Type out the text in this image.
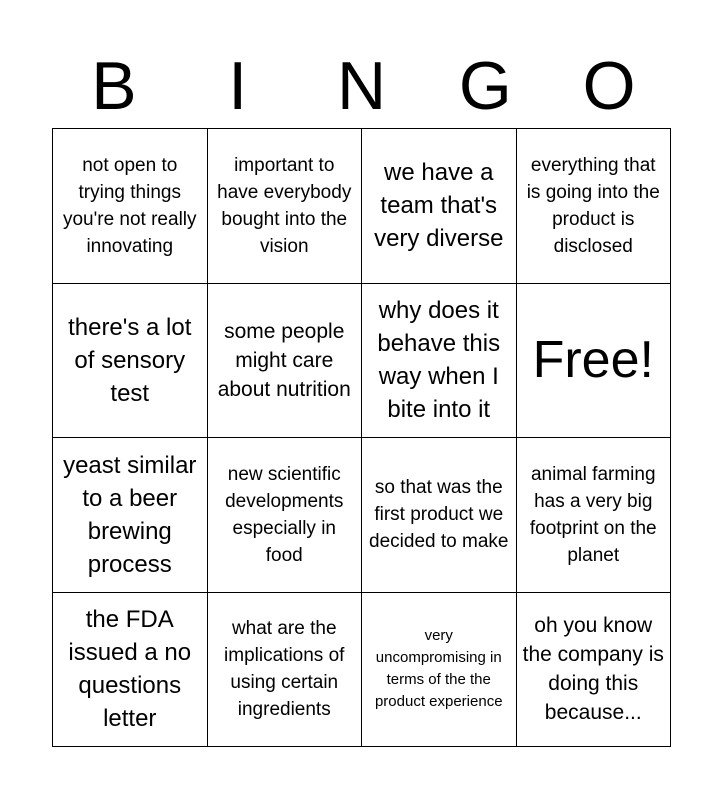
B	I	N	G	O
not open to trying things you're not really innovating
important to have everybody bought into the vision
we have a team that's very diverse
everything that is going into the product is disclosed
there's a lot of sensory test
some people might care about nutrition
why does it behave this way when I bite into it
Free!
yeast similar to a beer brewing process
new scientific developments especially in food
so that was the first product we decided to make
animal farming has a very big footprint on the planet
the FDA issued a no questions letter
what are the implications of using certain ingredients
very uncompromising in terms of the the product experience
oh you know the company is doing this because...
